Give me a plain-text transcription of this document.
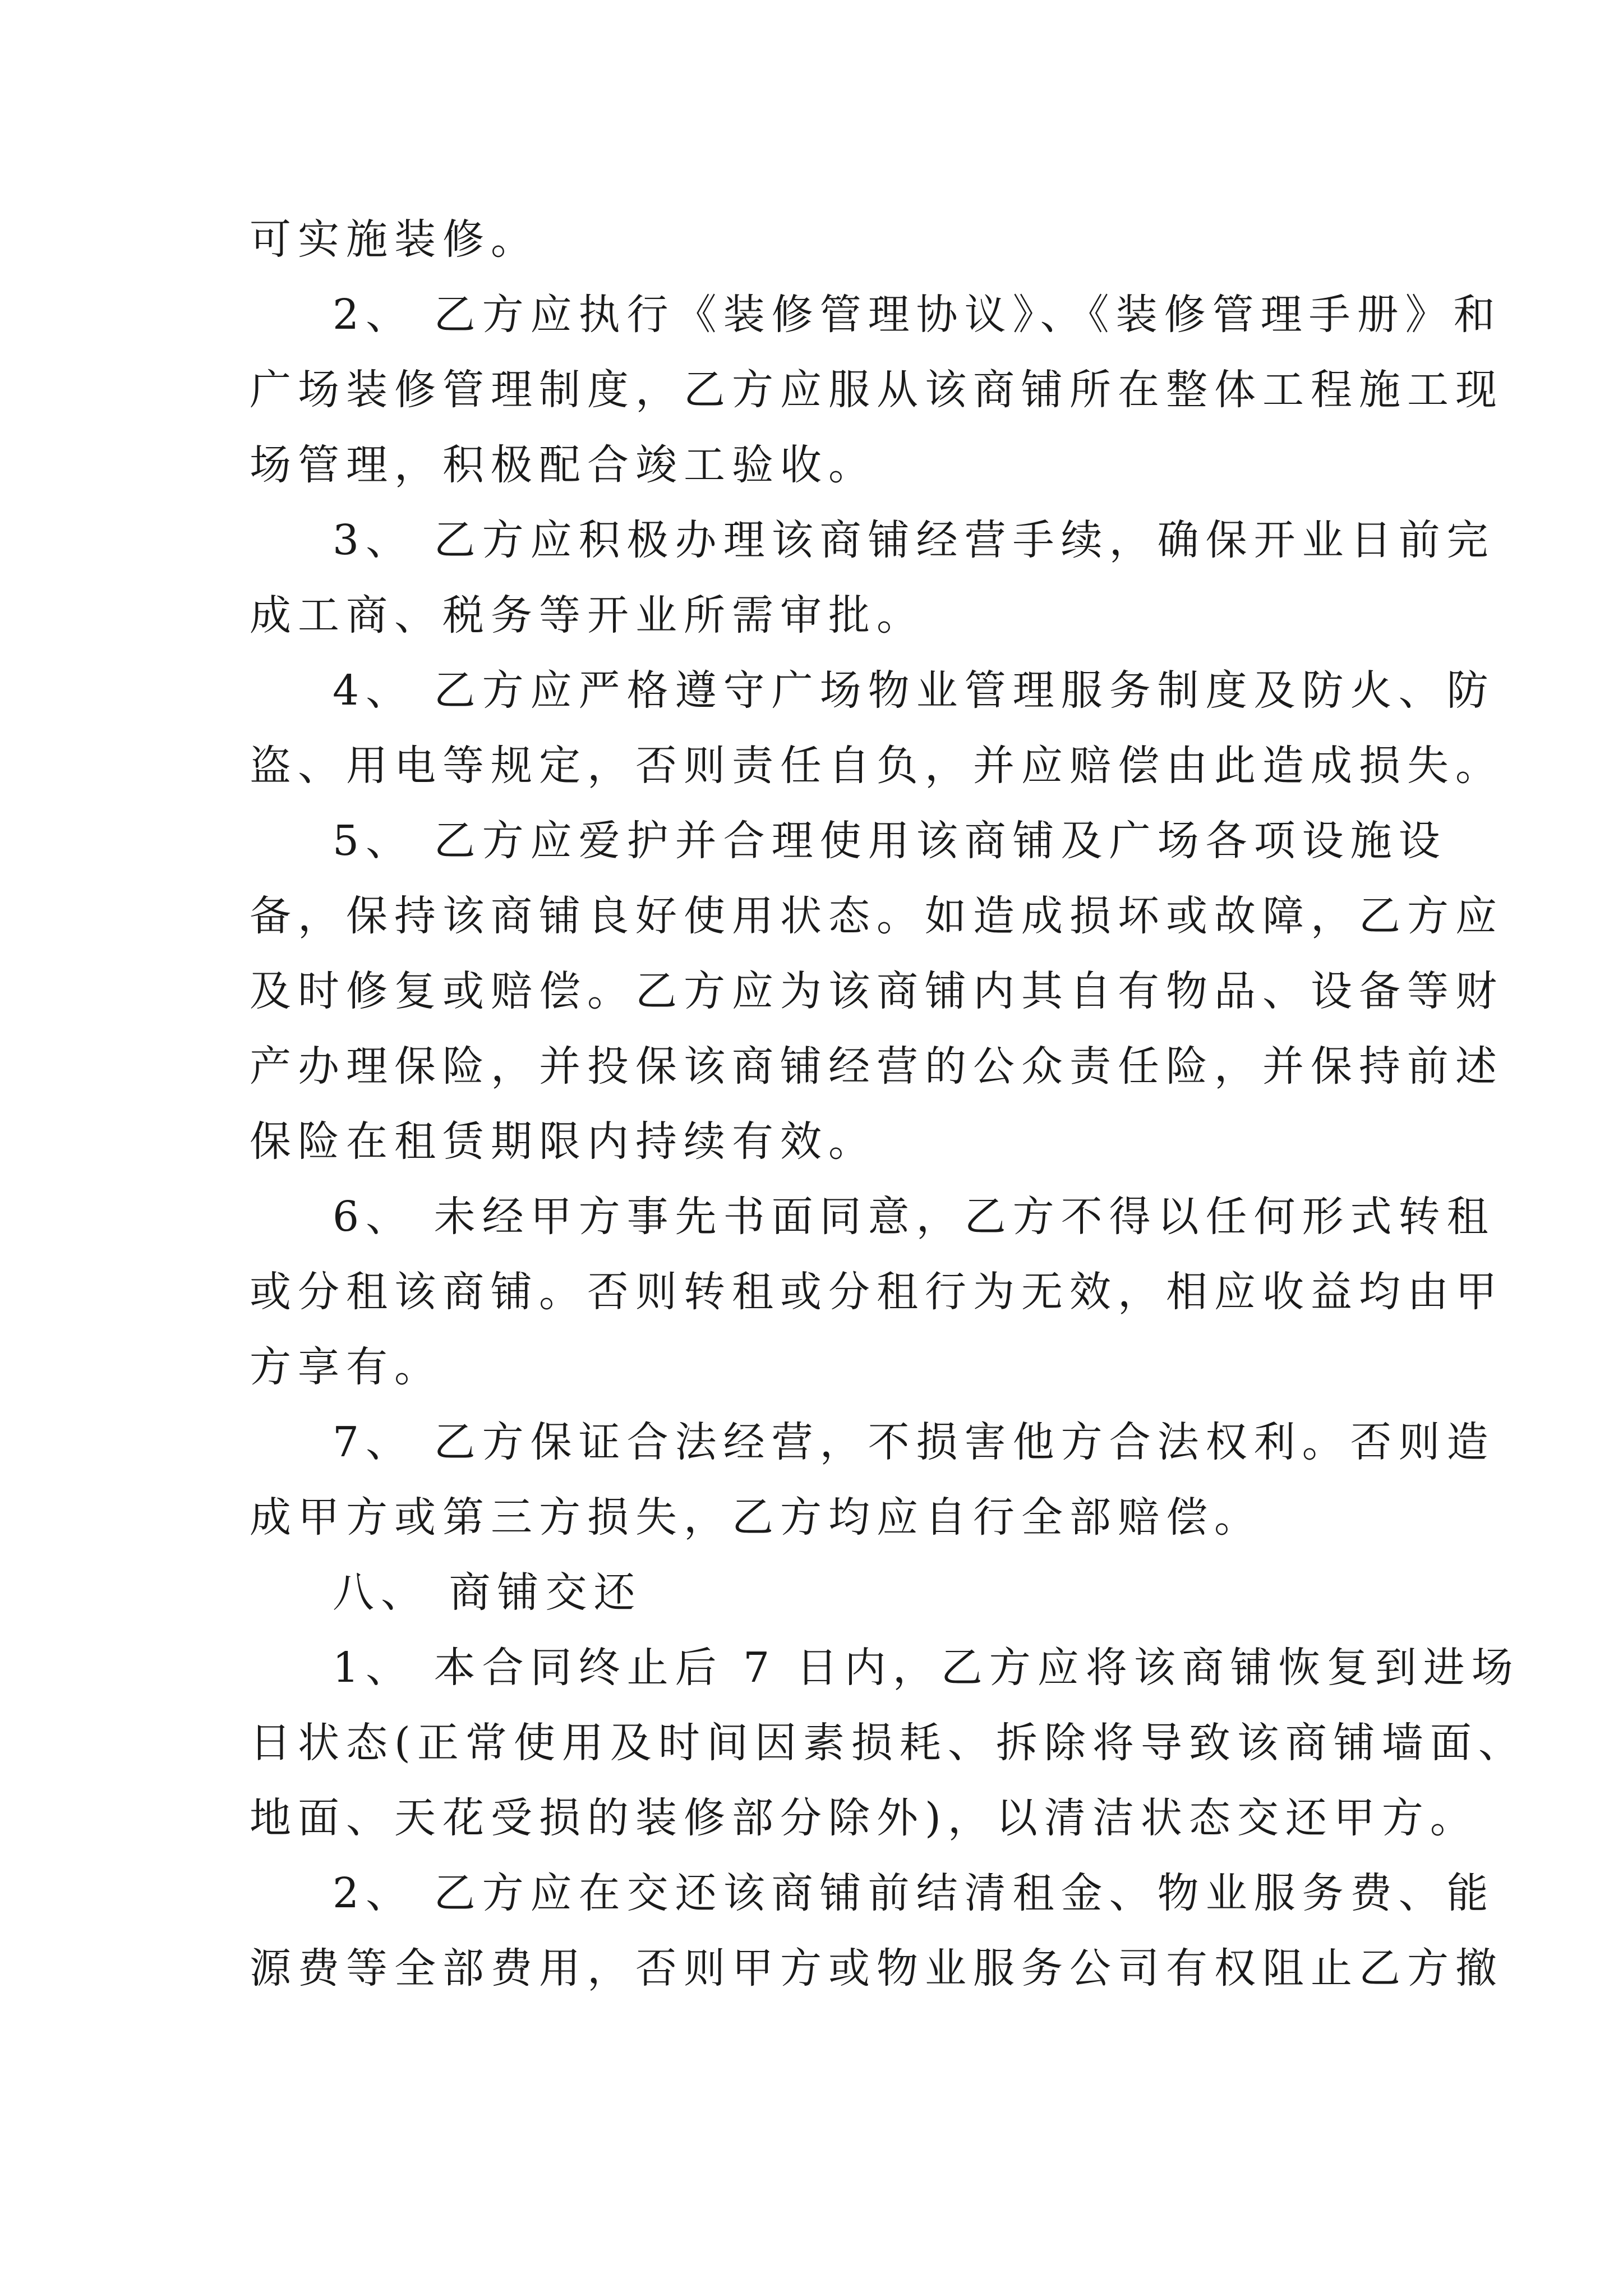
可实施装修。
2、 乙方应执行《装修管理协议》、《装修管理手册》和
广场装修管理制度，乙方应服从该商铺所在整体工程施工现
场管理，积极配合竣工验收。
3、 乙方应积极办理该商铺经营手续，确保开业日前完
成工商、税务等开业所需审批。
4、 乙方应严格遵守广场物业管理服务制度及防火、防
盗、用电等规定，否则责任自负，并应赔偿由此造成损失。
5、 乙方应爱护并合理使用该商铺及广场各项设施设
备，保持该商铺良好使用状态。如造成损坏或故障，乙方应
及时修复或赔偿。乙方应为该商铺内其自有物品、设备等财
产办理保险，并投保该商铺经营的公众责任险，并保持前述
保险在租赁期限内持续有效。
6、 未经甲方事先书面同意，乙方不得以任何形式转租
或分租该商铺。否则转租或分租行为无效，相应收益均由甲
方享有。
7、 乙方保证合法经营，不损害他方合法权利。否则造
成甲方或第三方损失，乙方均应自行全部赔偿。
八、 商铺交还
1、 本合同终止后 7 日内，乙方应将该商铺恢复到进场
日状态(正常使用及时间因素损耗、拆除将导致该商铺墙面、
地面、天花受损的装修部分除外)，以清洁状态交还甲方。
2、 乙方应在交还该商铺前结清租金、物业服务费、能
源费等全部费用，否则甲方或物业服务公司有权阻止乙方撤
